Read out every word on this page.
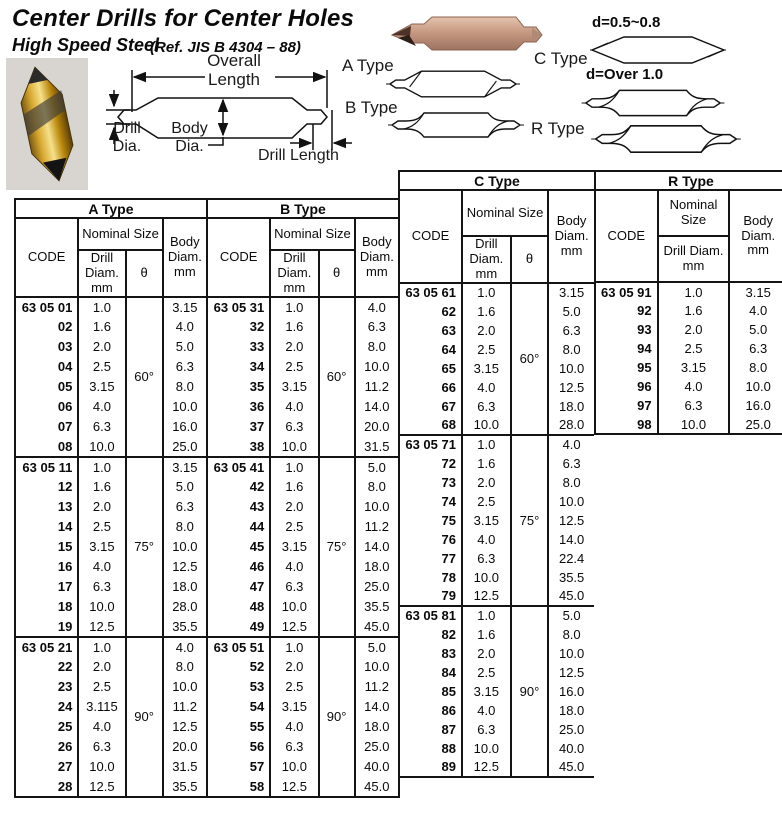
Center Drills for Center Holes
High Speed Steel
(Ref. JIS B 4304 – 88)
Overall Length
Drill Dia.
Body Dia.
Drill Length
A Type
B Type
C Type
R Type
d=0.5~0.8
d=Over 1.0
A Type				B Type			
CODE	Nominal Size		Body Diam. mm	CODE	Nominal Size		Body Diam. mm
	Drill Diam. mm	θ			Drill Diam. mm	θ	

63 05 01	1.0	60°	3.15	63 05 31	1.0	60°	4.0
02	1.6		4.0	32	1.6		6.3
03	2.0		5.0	33	2.0		8.0
04	2.5		6.3	34	2.5		10.0
05	3.15		8.0	35	3.15		11.2
06	4.0		10.0	36	4.0		14.0
07	6.3		16.0	37	6.3		20.0
08	10.0		25.0	38	10.0		31.5
63 05 11	1.0	75°	3.15	63 05 41	1.0	75°	5.0
12	1.6		5.0	42	1.6		8.0
13	2.0		6.3	43	2.0		10.0
14	2.5		8.0	44	2.5		11.2
15	3.15		10.0	45	3.15		14.0
16	4.0		12.5	46	4.0		18.0
17	6.3		18.0	47	6.3		25.0
18	10.0		28.0	48	10.0		35.5
19	12.5		35.5	49	12.5		45.0
63 05 21	1.0	90°	4.0	63 05 51	1.0	90°	5.0
22	2.0		8.0	52	2.0		10.0
23	2.5		10.0	53	2.5		11.2
24	3.115		11.2	54	3.15		14.0
25	4.0		12.5	55	4.0		18.0
26	6.3		20.0	56	6.3		25.0
27	10.0		31.5	57	10.0		40.0
28	12.5		35.5	58	12.5		45.0
C Type			
CODE	Nominal Size		Body Diam. mm
	Drill Diam. mm	θ	

63 05 61	1.0	60°	3.15
62	1.6		5.0
63	2.0		6.3
64	2.5		8.0
65	3.15		10.0
66	4.0		12.5
67	6.3		18.0
68	10.0		28.0
63 05 71	1.0	75°	4.0
72	1.6		6.3
73	2.0		8.0
74	2.5		10.0
75	3.15		12.5
76	4.0		14.0
77	6.3		22.4
78	10.0		35.5
79	12.5		45.0
63 05 81	1.0	90°	5.0
82	1.6		8.0
83	2.0		10.0
84	2.5		12.5
85	3.15		16.0
86	4.0		18.0
87	6.3		25.0
88	10.0		40.0
89	12.5		45.0
R Type		
CODE	Nominal Size	Body Diam. mm
	Drill Diam. mm	

63 05 91	1.0	3.15
92	1.6	4.0
93	2.0	5.0
94	2.5	6.3
95	3.15	8.0
96	4.0	10.0
97	6.3	16.0
98	10.0	25.0
